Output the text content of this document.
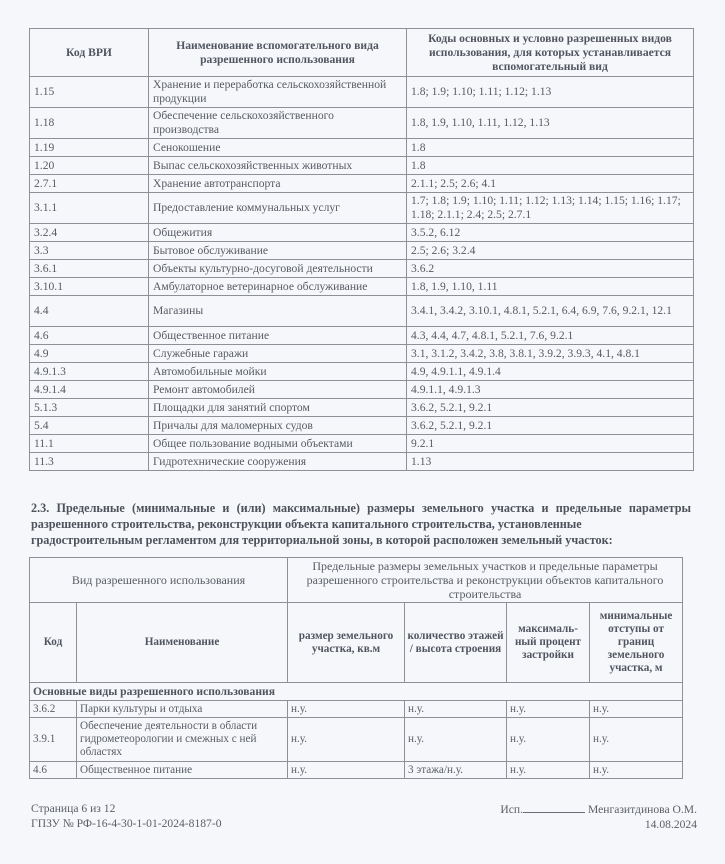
Код ВРИ	Наименование вспомогательного вида разрешенного использования	Коды основных и условно разрешенных видов использования, для которых устанавливается вспомогательный вид
1.15	Хранение и переработка сельскохозяйственной продукции	1.8; 1.9; 1.10; 1.11; 1.12; 1.13
1.18	Обеспечение сельскохозяйственного производства	1.8, 1.9, 1.10, 1.11, 1.12, 1.13
1.19	Сенокошение	1.8
1.20	Выпас сельскохозяйственных животных	1.8
2.7.1	Хранение автотранспорта	2.1.1; 2.5; 2.6; 4.1
3.1.1	Предоставление коммунальных услуг	1.7; 1.8; 1.9; 1.10; 1.11; 1.12; 1.13; 1.14; 1.15; 1.16; 1.17; 1.18; 2.1.1; 2.4; 2.5; 2.7.1
3.2.4	Общежития	3.5.2, 6.12
3.3	Бытовое обслуживание	2.5; 2.6; 3.2.4
3.6.1	Объекты культурно-досуговой деятельности	3.6.2
3.10.1	Амбулаторное ветеринарное обслуживание	1.8, 1.9, 1.10, 1.11
4.4	Магазины	3.4.1, 3.4.2, 3.10.1, 4.8.1, 5.2.1, 6.4, 6.9, 7.6, 9.2.1, 12.1
4.6	Общественное питание	4.3, 4.4, 4.7, 4.8.1, 5.2.1, 7.6, 9.2.1
4.9	Служебные гаражи	3.1, 3.1.2, 3.4.2, 3.8, 3.8.1, 3.9.2, 3.9.3, 4.1, 4.8.1
4.9.1.3	Автомобильные мойки	4.9, 4.9.1.1, 4.9.1.4
4.9.1.4	Ремонт автомобилей	4.9.1.1, 4.9.1.3
5.1.3	Площадки для занятий спортом	3.6.2, 5.2.1, 9.2.1
5.4	Причалы для маломерных судов	3.6.2, 5.2.1, 9.2.1
11.1	Общее пользование водными объектами	9.2.1
11.3	Гидротехнические сооружения	1.13
2.3. Предельные (минимальные и (или) максимальные) размеры земельного участка и предельные параметры разрешенного строительства, реконструкции объекта капитального строительства, установленные
градостроительным регламентом для территориальной зоны, в которой расположен земельный участок:
Вид разрешенного использования		Предельные размеры земельных участков и предельные параметры разрешенного строительства и реконструкции объектов капитального строительства			
Код	Наименование	размер земельного участка, кв.м	количество этажей / высота строения	максималь-ный процент застройки	минимальные отступы от границ земельного участка, м
Основные виды разрешенного использования					
3.6.2	Парки культуры и отдыха	н.у.	н.у.	н.у.	н.у.
3.9.1	Обеспечение деятельности в области гидрометеорологии и смежных с ней областях	н.у.	н.у.	н.у.	н.у.
4.6	Общественное питание	н.у.	3 этажа/н.у.	н.у.	н.у.
Страница 6 из 12
ГПЗУ № РФ-16-4-30-1-01-2024-8187-0
Исп.	Менгазитдинова О.М.
14.08.2024
